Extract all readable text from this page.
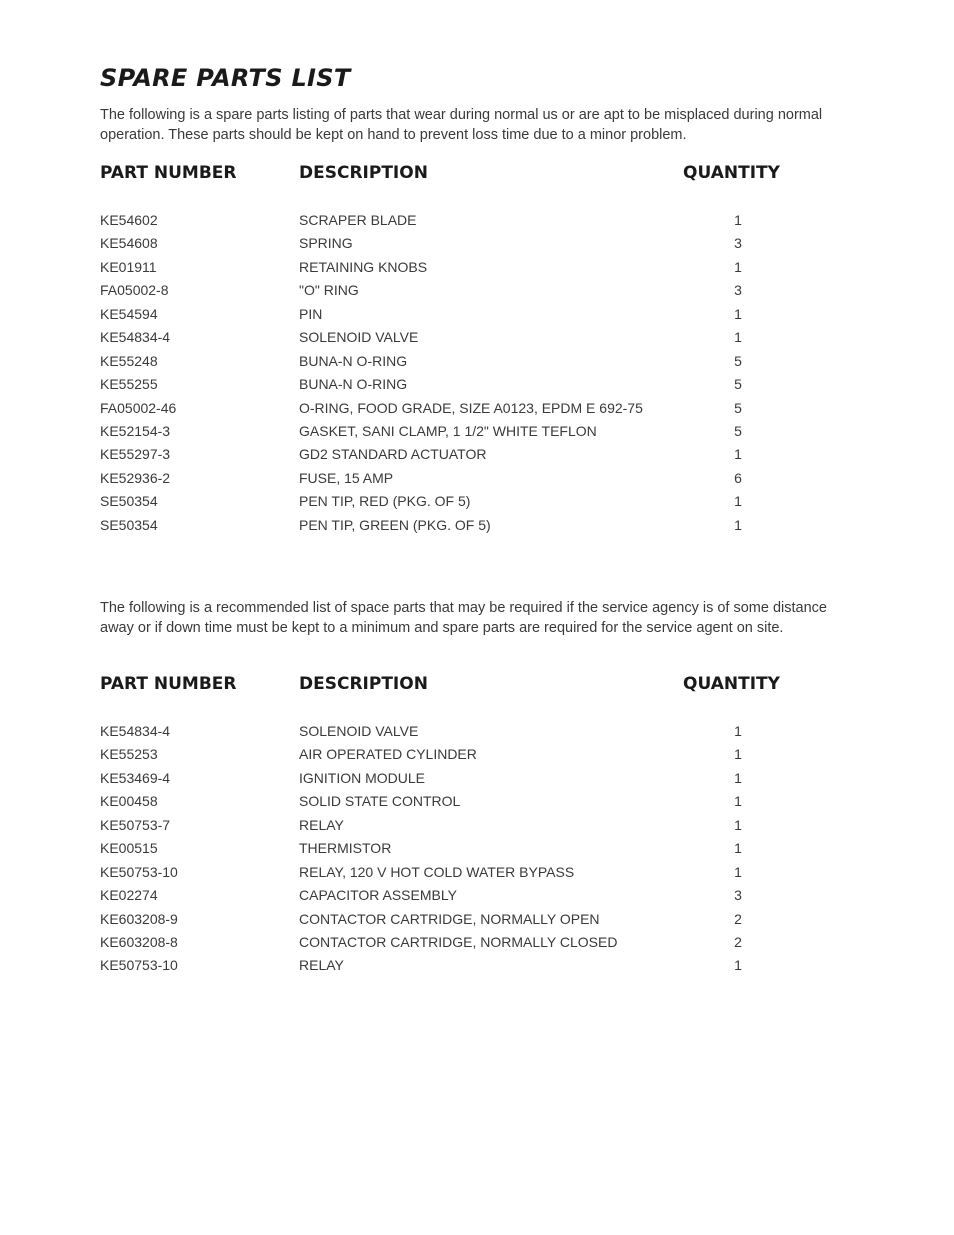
SPARE PARTS LIST

The following is a spare parts listing of parts that wear during normal us or are apt to be misplaced during normal operation. These parts should be kept on hand to prevent loss time due to a minor problem.

PART NUMBER	DESCRIPTION	QUANTITY
KE54602	SCRAPER BLADE	1
KE54608	SPRING	3
KE01911	RETAINING KNOBS	1
FA05002-8	"O" RING	3
KE54594	PIN	1
KE54834-4	SOLENOID VALVE	1
KE55248	BUNA-N O-RING	5
KE55255	BUNA-N O-RING	5
FA05002-46	O-RING, FOOD GRADE, SIZE A0123, EPDM E 692-75	5
KE52154-3	GASKET, SANI CLAMP, 1 1/2" WHITE TEFLON	5
KE55297-3	GD2 STANDARD ACTUATOR	1
KE52936-2	FUSE, 15 AMP	6
SE50354	PEN TIP, RED (PKG. OF 5)	1
SE50354	PEN TIP, GREEN (PKG. OF 5)	1

The following is a recommended list of space parts that may be required if the service agency is of some distance away or if down time must be kept to a minimum and spare parts are required for the service agent on site.

PART NUMBER	DESCRIPTION	QUANTITY
KE54834-4	SOLENOID VALVE	1
KE55253	AIR OPERATED CYLINDER	1
KE53469-4	IGNITION MODULE	1
KE00458	SOLID STATE CONTROL	1
KE50753-7	RELAY	1
KE00515	THERMISTOR	1
KE50753-10	RELAY, 120 V HOT COLD WATER BYPASS	1
KE02274	CAPACITOR ASSEMBLY	3
KE603208-9	CONTACTOR CARTRIDGE, NORMALLY OPEN	2
KE603208-8	CONTACTOR CARTRIDGE, NORMALLY CLOSED	2
KE50753-10	RELAY	1
